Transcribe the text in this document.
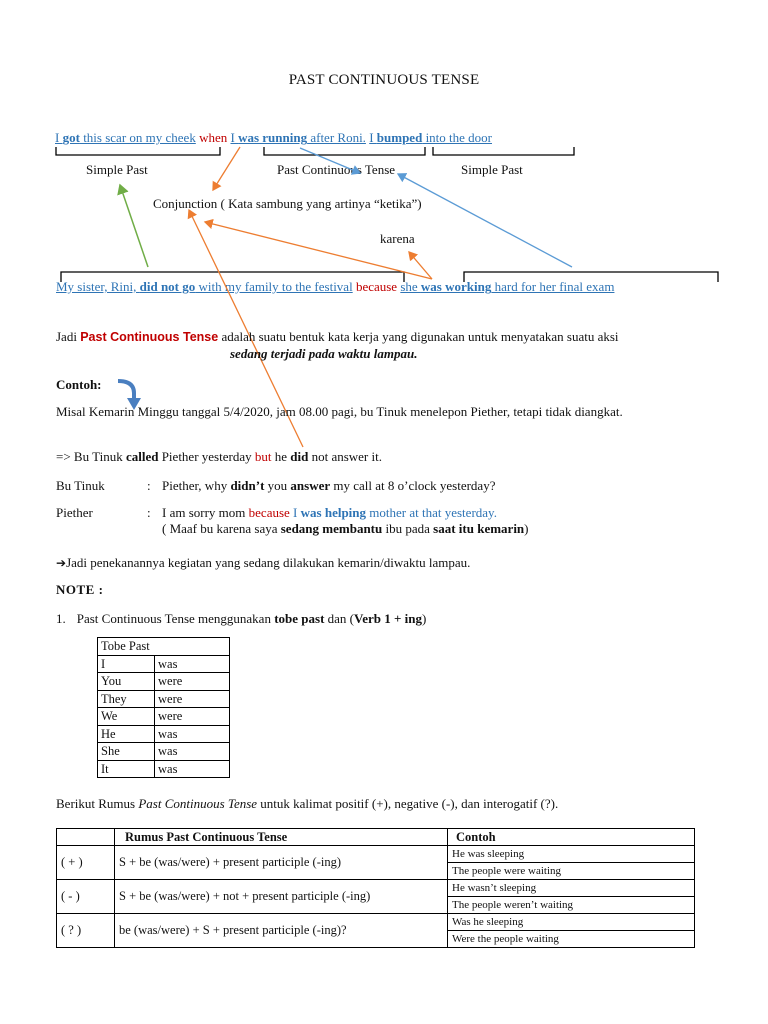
PAST CONTINUOUS TENSE
I got this scar on my cheek when I was running after Roni. I bumped into the door
Simple Past	Past Continuous Tense	Simple Past
Conjunction ( Kata sambung yang artinya “ketika”)
karena
My sister, Rini, did not go with my family to the festival because she was working hard for her final exam
Jadi Past Continuous Tense adalah suatu bentuk kata kerja yang digunakan untuk menyatakan suatu aksi
sedang terjadi pada waktu lampau.
Contoh:
Misal Kemarin Minggu tanggal 5/4/2020, jam 08.00 pagi, bu Tinuk menelepon Piether, tetapi tidak diangkat.
=> Bu Tinuk called Piether yesterday but he did not answer it.
Bu Tinuk	: Piether, why didn’t you answer my call at 8 o’clock yesterday?
Piether	: I am sorry mom because I was helping mother at that yesterday.
( Maaf bu karena saya sedang membantu ibu pada saat itu kemarin)
➔Jadi penekanannya kegiatan yang sedang dilakukan kemarin/diwaktu lampau.
NOTE :
1. Past Continuous Tense menggunakan tobe past dan (Verb 1 + ing)
Tobe Past	
I	was
You	were
They	were
We	were
He	was
She	was
It	was
Berikut Rumus Past Continuous Tense untuk kalimat positif (+), negative (-), dan interogatif (?).
	Rumus Past Continuous Tense	Contoh
( + )	S + be (was/were) + present participle (-ing)	He was sleeping
		The people were waiting
( - )	S + be (was/were) + not + present participle (-ing)	He wasn’t sleeping
		The people weren’t waiting
( ? )	be (was/were) + S + present participle (-ing)?	Was he sleeping
		Were the people waiting
